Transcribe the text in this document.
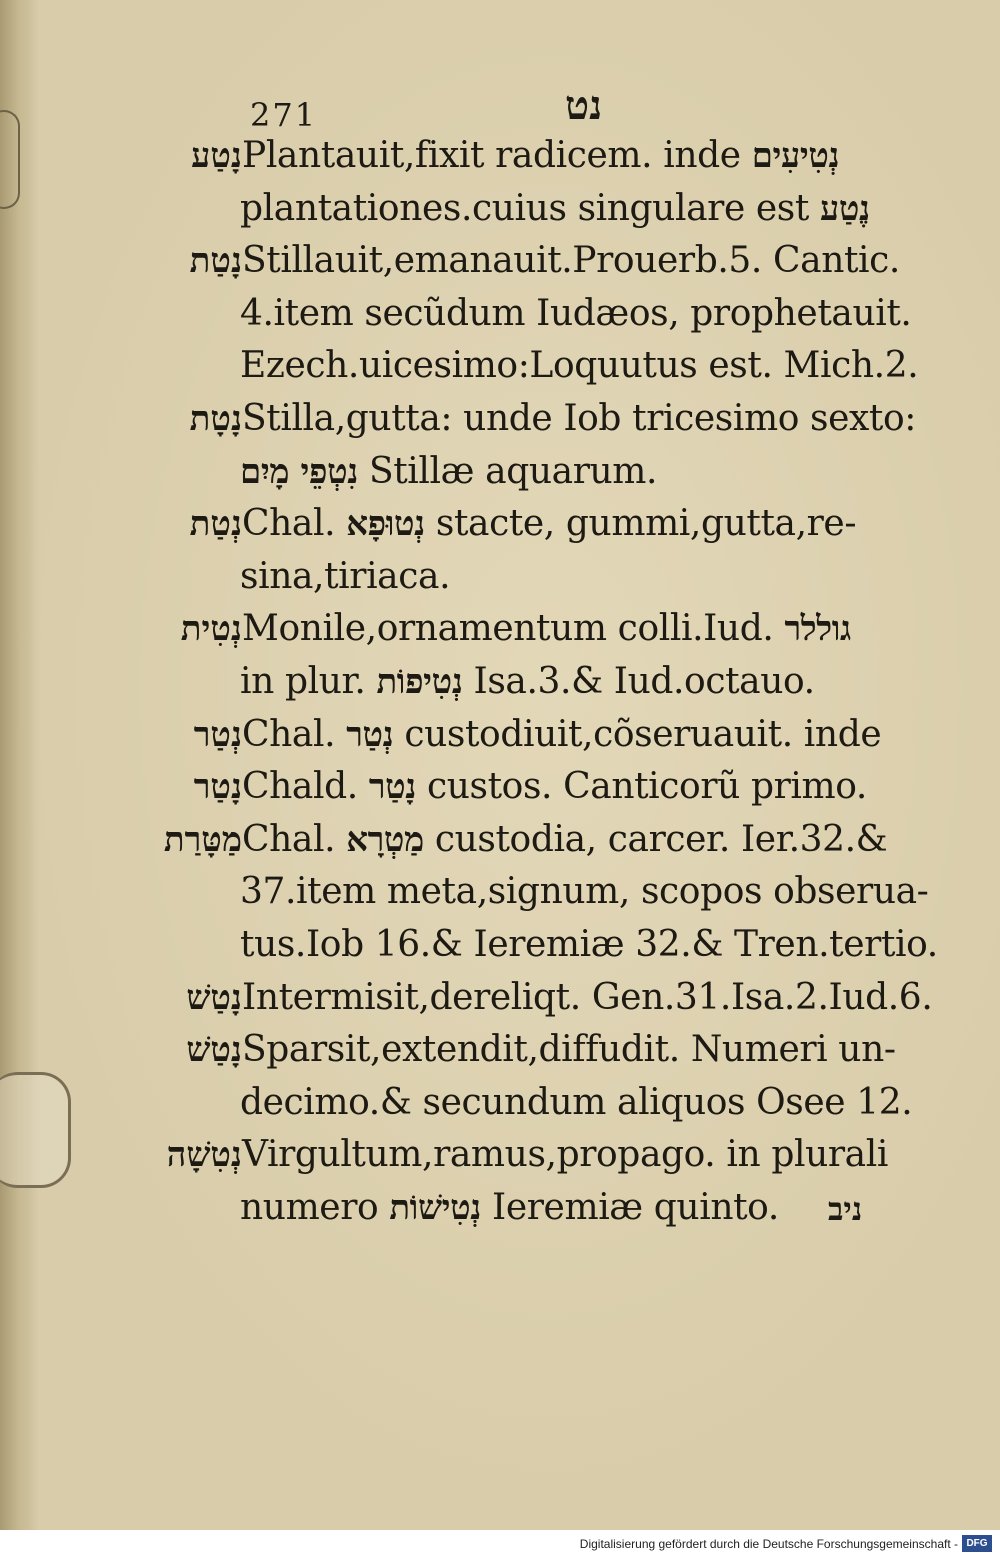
271	נט
נָטַע Plantauit,fixit radicem. inde נְטִיעִים
plantationes.cuius singulare est נֶטַע
נָטַת Stillauit,emanauit.Prouerb.5. Cantic.
4.item secũdum Iudæos, prophetauit.
Ezech.uicesimo:Loquutus est. Mich.2.
נָטָת Stilla,gutta: unde Iob tricesimo sexto:
נִטְפֵי מָיִם Stillæ aquarum.
נְטַת Chal. נְטוּפָא stacte, gummi,gutta,re-
sina,tiriaca.
נְטִית Monile,ornamentum colli.Iud. גוללר
in plur. נְטִיפוֹת Isa.3.& Iud.octauo.
נְטַר Chal. נְטַר custodiuit,cõseruauit. inde
נָטַר Chald. נָטַר custos. Canticorũ primo.
מַטָּרַת Chal. מַטְרָא custodia, carcer. Ier.32.&
37.item meta,signum, scopos obserua-
tus.Iob 16.& Ieremiæ 32.& Tren.tertio.
נָטַשׁ Intermisit,dereliqt. Gen.31.Isa.2.Iud.6.
נָטַשׁ Sparsit,extendit,diffudit. Numeri un-
decimo.& secundum aliquos Osee 12.
נְטִשָׁה Virgultum,ramus,propago. in plurali
numero נְטִישׁוֹת Ieremiæ quinto.	ניב
Digitalisierung gefördert durch die Deutsche Forschungsgemeinschaft - DFG
